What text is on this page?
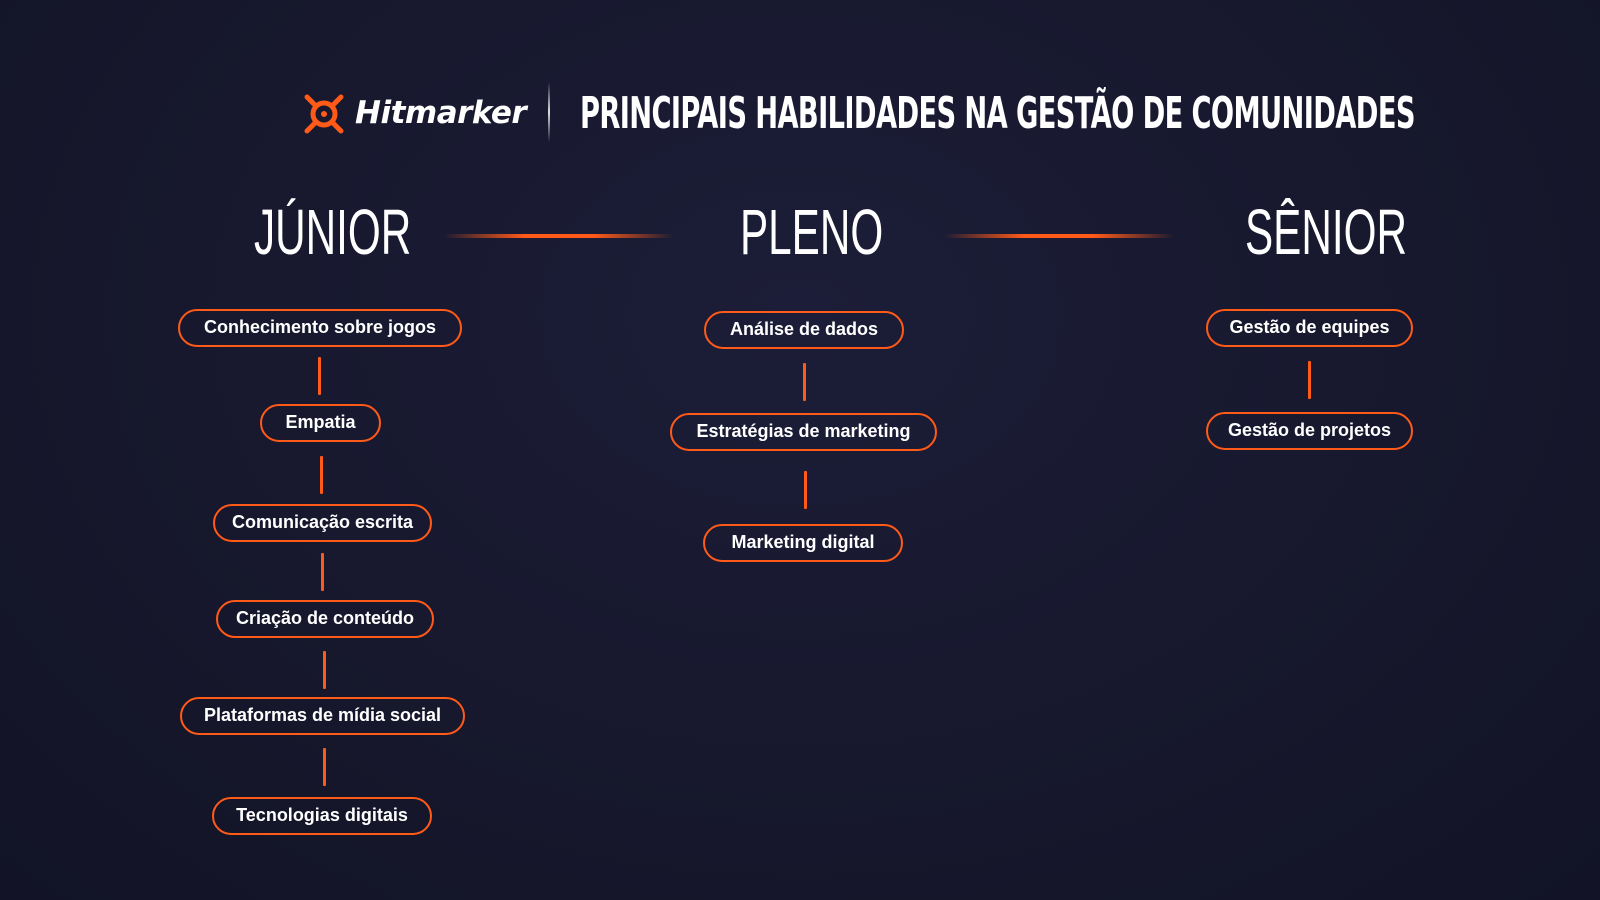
Hitmarker PRINCIPAIS HABILIDADES NA GESTÃO DE COMUNIDADES
JÚNIOR	PLENO	SÊNIOR
Conhecimento sobre jogos
Empatia
Comunicação escrita
Criação de conteúdo
Plataformas de mídia social
Tecnologias digitais
Análise de dados
Estratégias de marketing
Marketing digital
Gestão de equipes
Gestão de projetos
